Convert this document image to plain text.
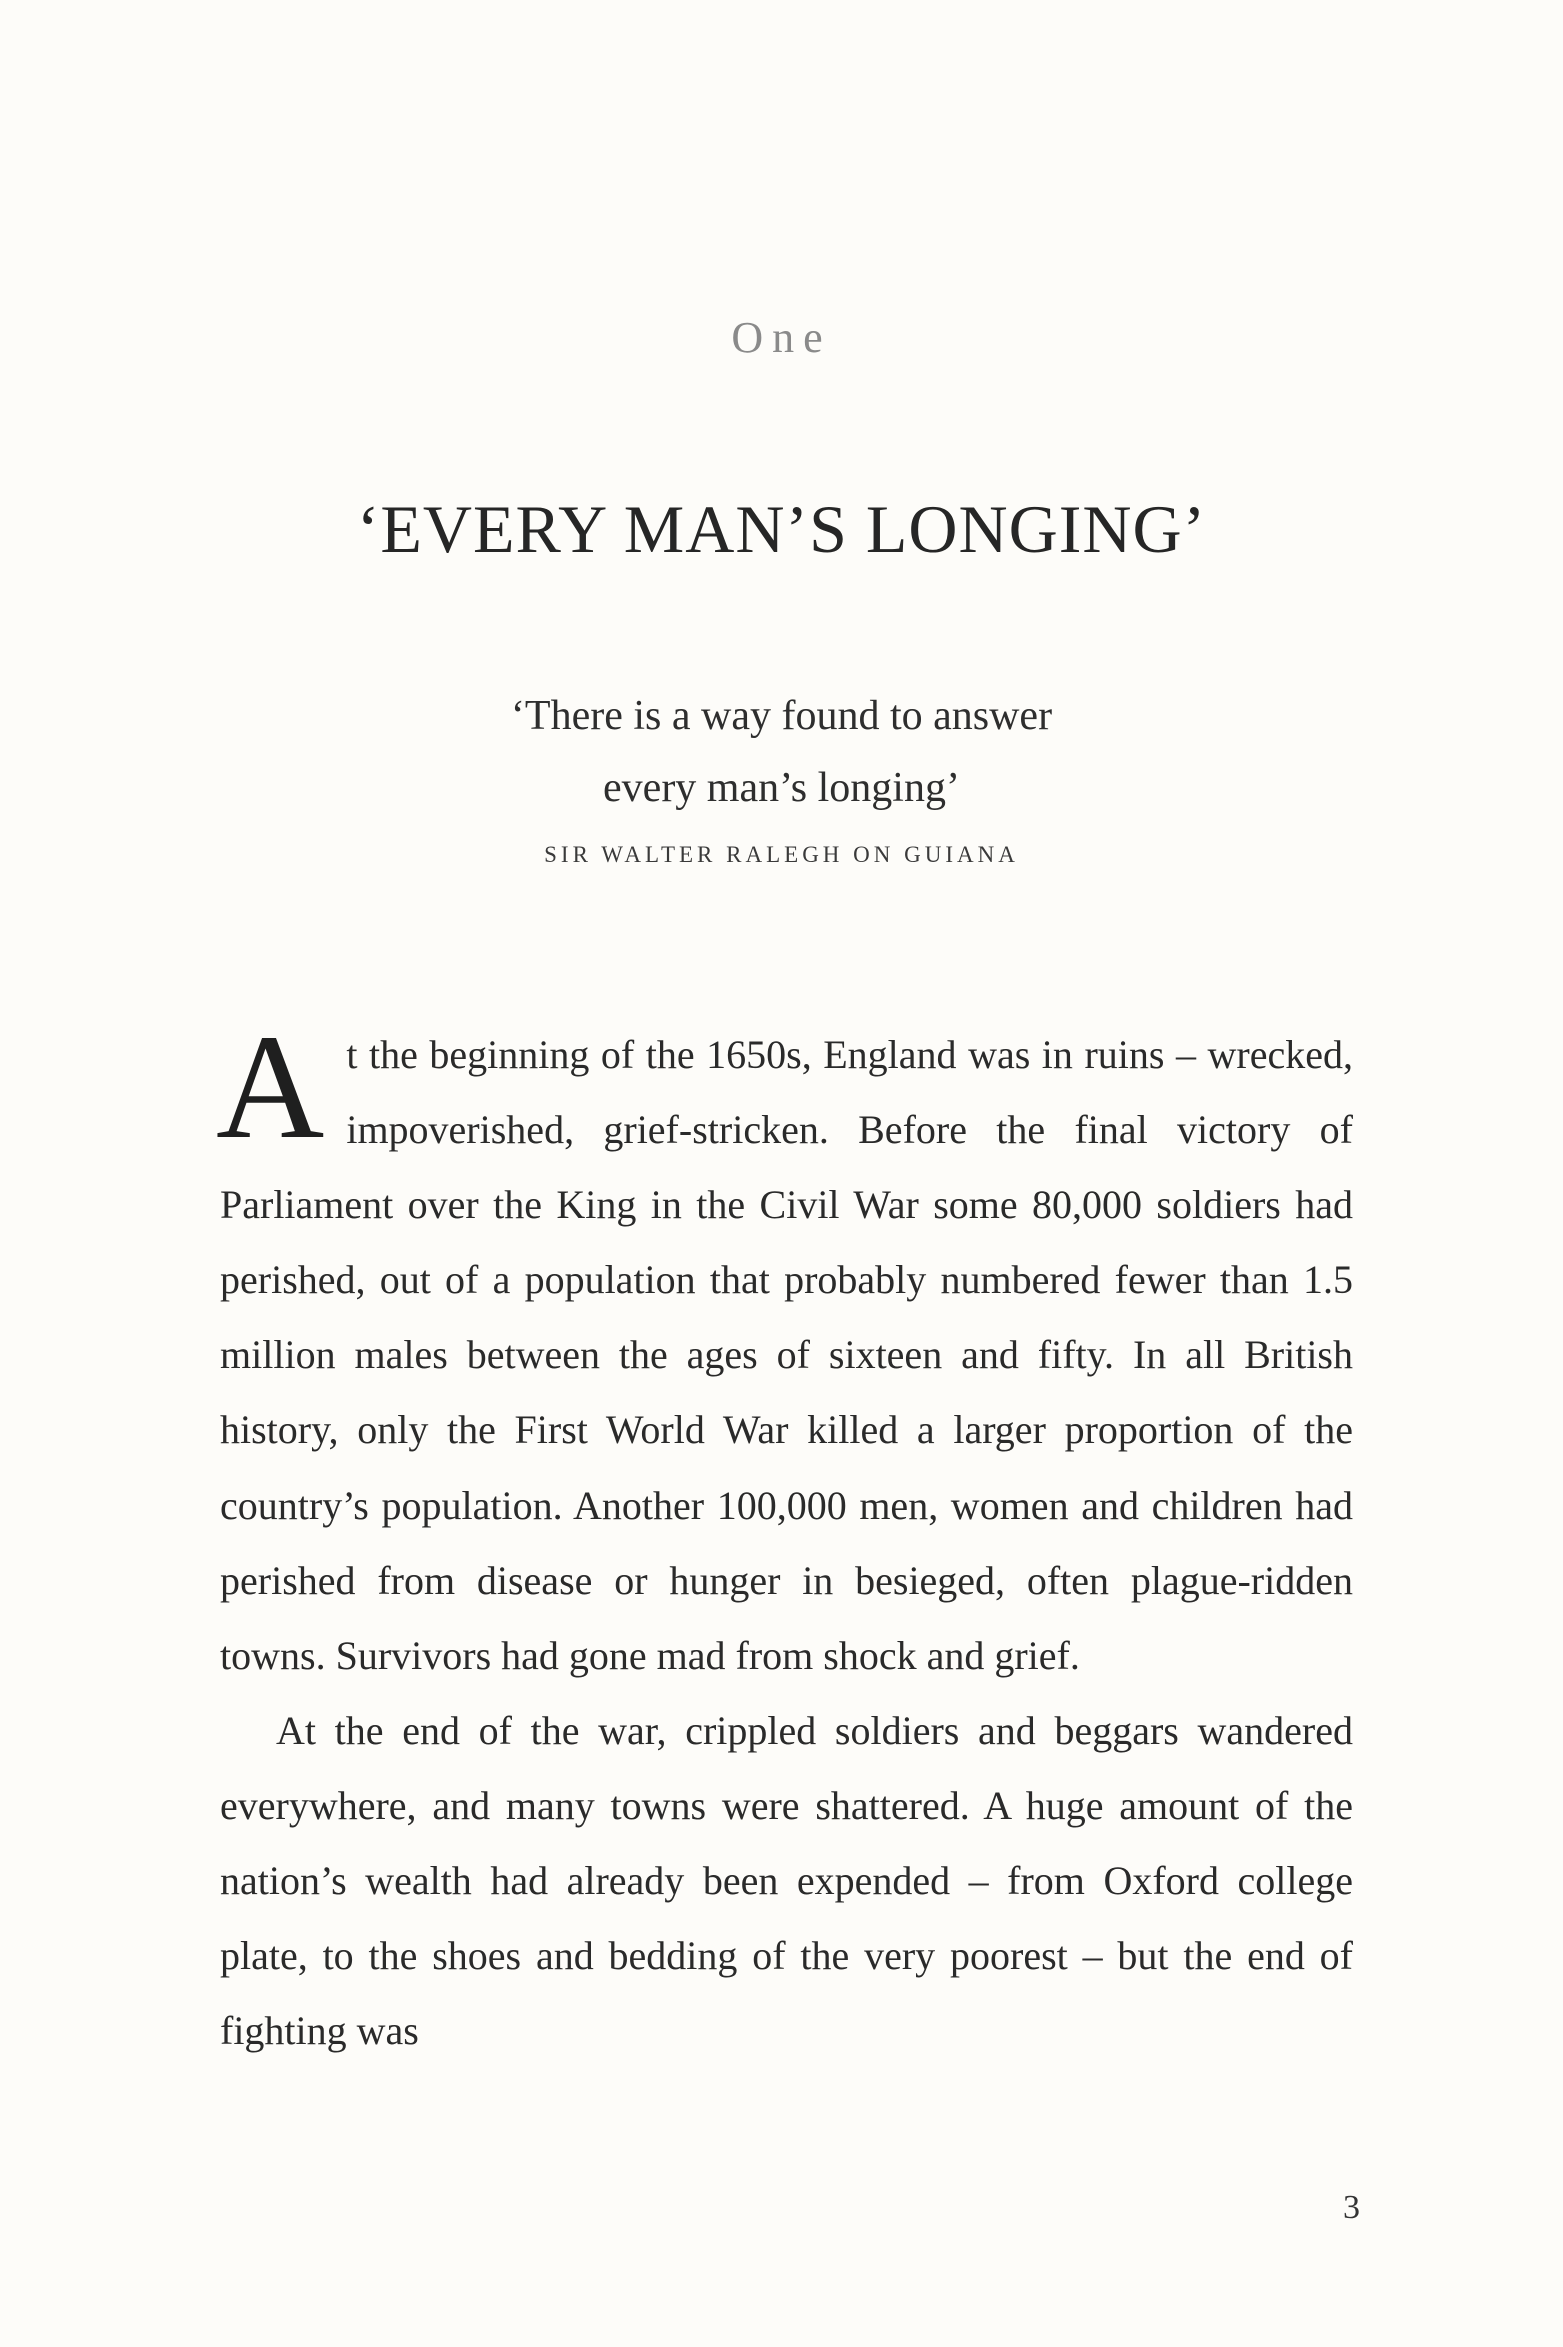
One
‘EVERY MAN’S LONGING’
‘There is a way found to answer
every man’s longing’
SIR WALTER RALEGH ON GUIANA

At the beginning of the 1650s, England was in ruins – wrecked, impoverished, grief-stricken. Before the final victory of Parliament over the King in the Civil War some 80,000 soldiers had perished, out of a population that probably numbered fewer than 1.5 million males between the ages of sixteen and fifty. In all British history, only the First World War killed a larger proportion of the country’s population. Another 100,000 men, women and children had perished from disease or hunger in besieged, often plague-ridden towns. Survivors had gone mad from shock and grief.

At the end of the war, crippled soldiers and beggars wandered everywhere, and many towns were shattered. A huge amount of the nation’s wealth had already been expended – from Oxford college plate, to the shoes and bedding of the very poorest – but the end of fighting was

3
